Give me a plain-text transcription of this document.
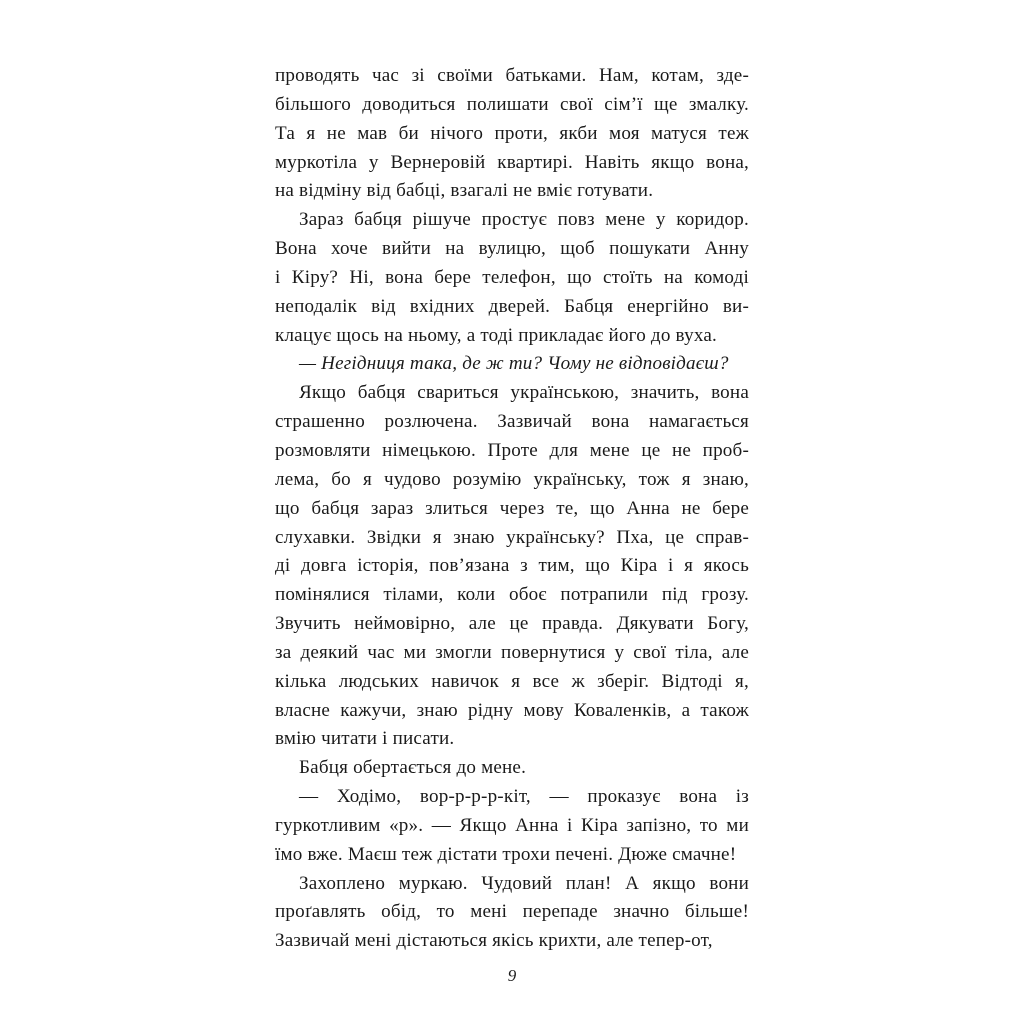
проводять час зі своїми батьками. Нам, котам, зде-
більшого доводиться полишати свої сім’ї ще змалку.
Та я не мав би нічого проти, якби моя матуся теж
муркотіла у Вернеровій квартирі. Навіть якщо вона,
на відміну від бабці, взагалі не вміє готувати.

Зараз бабця рішуче простує повз мене у коридор.
Вона хоче вийти на вулицю, щоб пошукати Анну
і Кіру? Ні, вона бере телефон, що стоїть на комоді
неподалік від вхідних дверей. Бабця енергійно ви-
клацує щось на ньому, а тоді прикладає його до вуха.

— Негідниця така, де ж ти? Чому не відповідаєш?

Якщо бабця свариться українською, значить, вона
страшенно розлючена. Зазвичай вона намагається
розмовляти німецькою. Проте для мене це не проб-
лема, бо я чудово розумію українську, тож я знаю,
що бабця зараз злиться через те, що Анна не бере
слухавки. Звідки я знаю українську? Пха, це справ-
ді довга історія, пов’язана з тим, що Кіра і я якось
помінялися тілами, коли обоє потрапили під грозу.
Звучить неймовірно, але це правда. Дякувати Богу,
за деякий час ми змогли повернутися у свої тіла, але
кілька людських навичок я все ж зберіг. Відтоді я,
власне кажучи, знаю рідну мову Коваленків, а також
вмію читати і писати.

Бабця обертається до мене.

— Ходімо, вор-р-р-р-кіт, — проказує вона із
гуркотливим «р». — Якщо Анна і Кіра запізно, то ми
їмо вже. Маєш теж дістати трохи печені. Дюже смачне!

Захоплено муркаю. Чудовий план! А якщо вони
проґавлять обід, то мені перепаде значно більше!
Зазвичай мені дістаються якісь крихти, але тепер-от,

9
